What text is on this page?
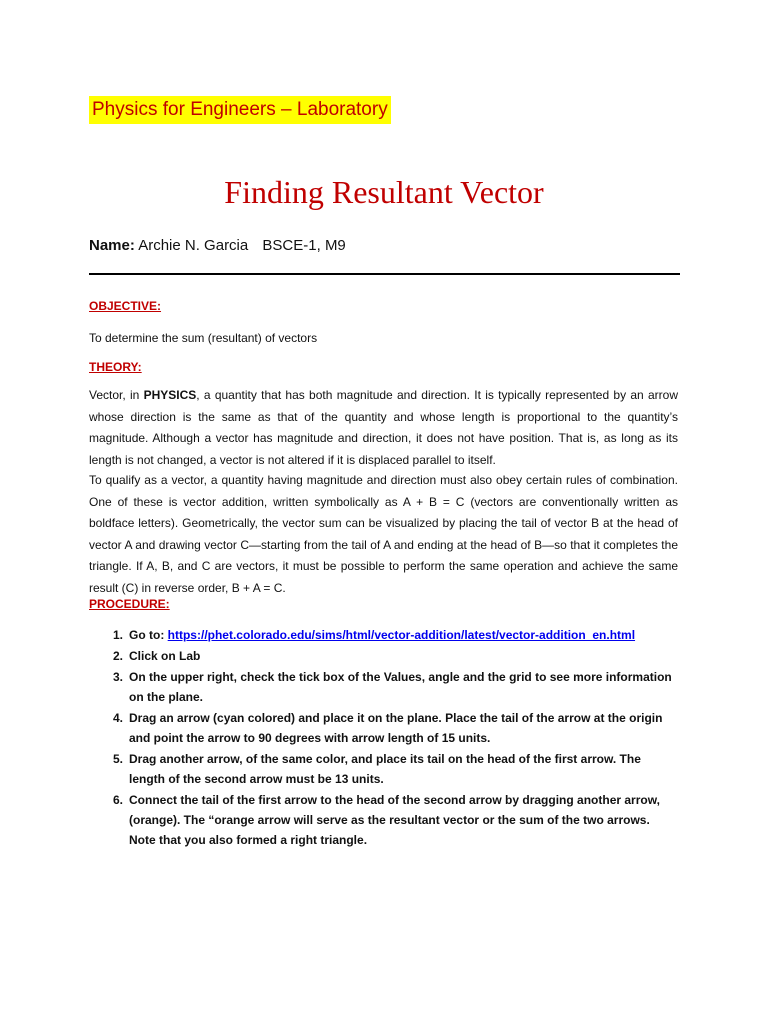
Physics for Engineers – Laboratory
Finding Resultant Vector
Name: Archie N. Garcia BSCE-1, M9
OBJECTIVE:
To determine the sum (resultant) of vectors
THEORY:
Vector, in PHYSICS, a quantity that has both magnitude and direction. It is typically represented by an arrow whose direction is the same as that of the quantity and whose length is proportional to the quantity’s magnitude. Although a vector has magnitude and direction, it does not have position. That is, as long as its length is not changed, a vector is not altered if it is displaced parallel to itself.
To qualify as a vector, a quantity having magnitude and direction must also obey certain rules of combination. One of these is vector addition, written symbolically as A + B = C (vectors are conventionally written as boldface letters). Geometrically, the vector sum can be visualized by placing the tail of vector B at the head of vector A and drawing vector C—starting from the tail of A and ending at the head of B—so that it completes the triangle. If A, B, and C are vectors, it must be possible to perform the same operation and achieve the same result (C) in reverse order, B + A = C.
PROCEDURE:
1. Go to: https://phet.colorado.edu/sims/html/vector-addition/latest/vector-addition_en.html
2. Click on Lab
3. On the upper right, check the tick box of the Values, angle and the grid to see more information on the plane.
4. Drag an arrow (cyan colored) and place it on the plane. Place the tail of the arrow at the origin and point the arrow to 90 degrees with arrow length of 15 units.
5. Drag another arrow, of the same color, and place its tail on the head of the first arrow. The length of the second arrow must be 13 units.
6. Connect the tail of the first arrow to the head of the second arrow by dragging another arrow,(orange). The “orange arrow will serve as the resultant vector or the sum of the two arrows. Note that you also formed a right triangle.
